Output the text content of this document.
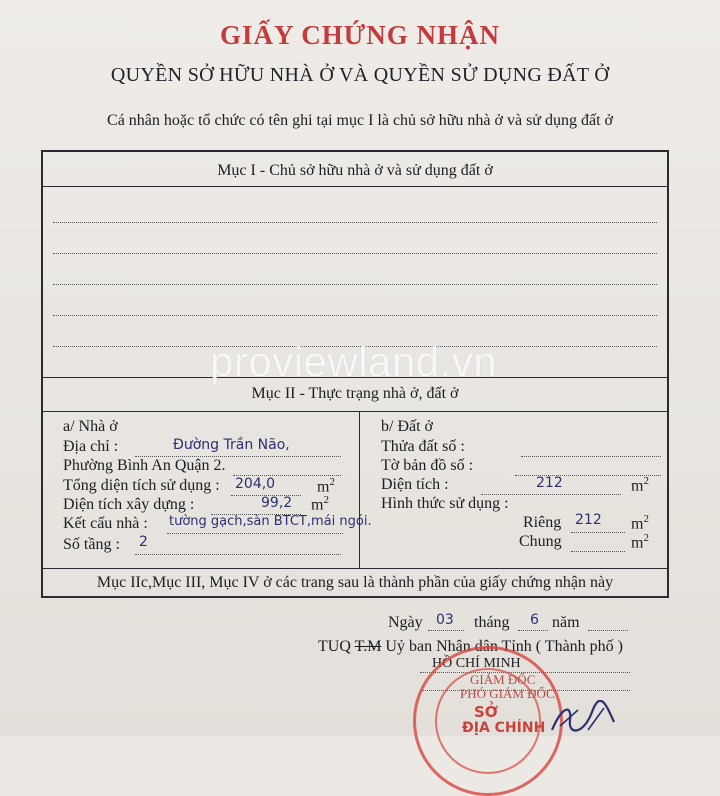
GIẤY CHỨNG NHẬN
QUYỀN SỞ HỮU NHÀ Ở VÀ QUYỀN SỬ DỤNG ĐẤT Ở
Cá nhân hoặc tổ chức có tên ghi tại mục I là chủ sở hữu nhà ở và sử dụng đất ở
Mục I - Chủ sở hữu nhà ở và sử dụng đất ở
Mục II - Thực trạng nhà ở, đất ở
a/ Nhà ở
Địa chỉ :	Đường Trần Não,
Phường Bình An Quận 2.
Tổng diện tích sử dụng : 204,0	$m^2$
Diện tích xây dựng :	99,2 $m^2$
Kết cấu nhà : tường gạch,sàn BTCT,mái ngói.
Số tầng : 2
b/ Đất ở
Thửa đất số :
Tờ bản đồ số :
Diện tích :	212	$m^2$
Hình thức sử dụng :
Riêng 212 $m^2$
Chung	$m^2$
Mục IIc,Mục III, Mục IV ở các trang sau là thành phần của giấy chứng nhận này
proviewland.vn
Ngày 03 tháng 6 năm
TUQ T.M Uỷ ban Nhân dân Tỉnh ( Thành phố )
HỒ CHÍ MINH
GIÁM ĐỐC
PHÓ GIÁM ĐỐC
SỞ
ĐỊA CHÍNH
